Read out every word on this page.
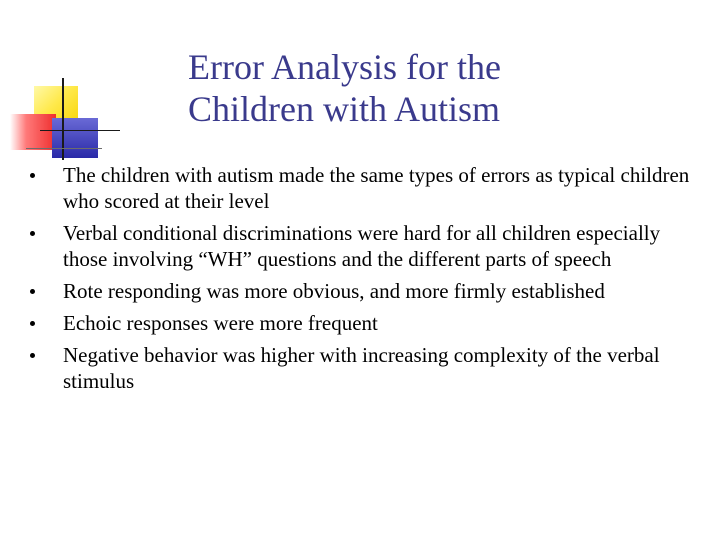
Error Analysis for the
Children with Autism
The children with autism made the same types of errors as typical children who scored at their level
Verbal conditional discriminations were hard for all children especially those involving “WH” questions and the different parts of speech
Rote responding was more obvious, and more firmly established
Echoic responses were more frequent
Negative behavior was higher with increasing complexity of the verbal stimulus
